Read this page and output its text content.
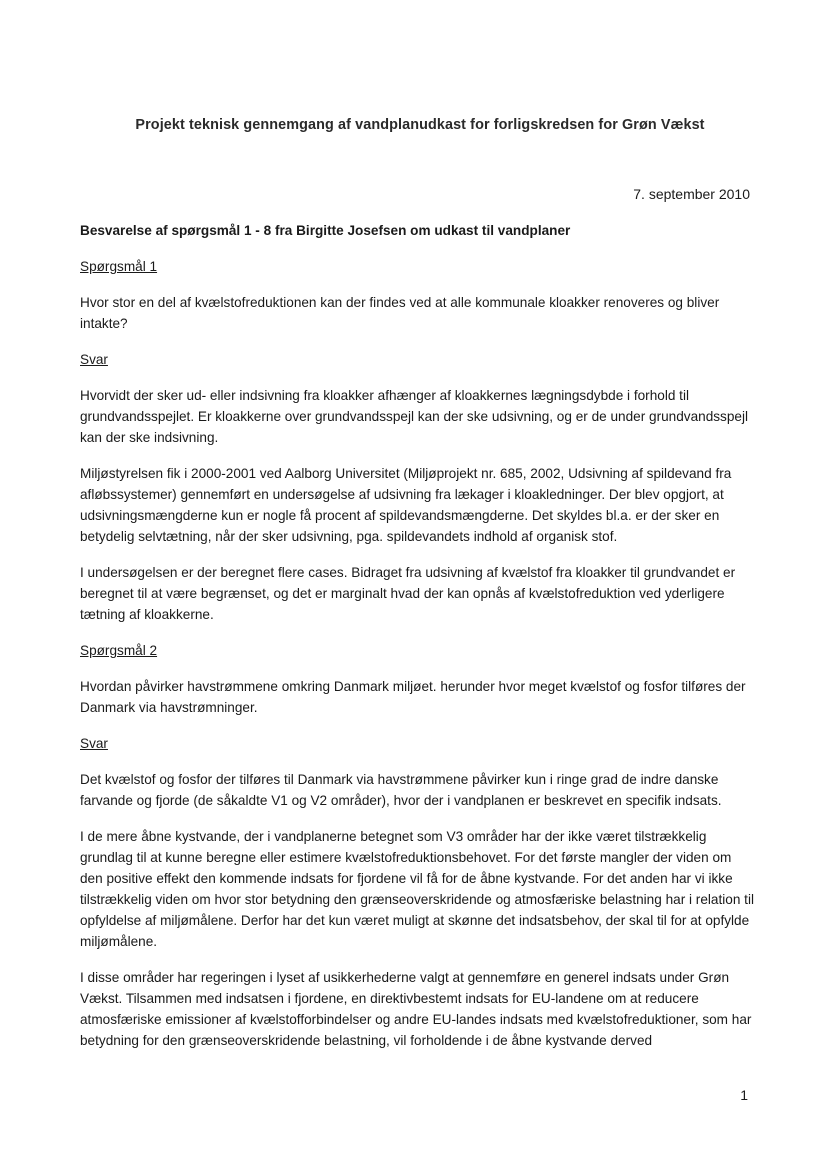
Projekt teknisk gennemgang af vandplanudkast for forligskredsen for Grøn Vækst
7. september 2010

Besvarelse af spørgsmål 1 - 8 fra Birgitte Josefsen om udkast til vandplaner

Spørgsmål 1

Hvor stor en del af kvælstofreduktionen kan der findes ved at alle kommunale kloakker renoveres og bliver intakte?

Svar

Hvorvidt der sker ud- eller indsivning fra kloakker afhænger af kloakkernes lægningsdybde i forhold til grundvandsspejlet. Er kloakkerne over grundvandsspejl kan der ske udsivning, og er de under grundvandsspejl kan der ske indsivning.

Miljøstyrelsen fik i 2000-2001 ved Aalborg Universitet (Miljøprojekt nr. 685, 2002, Udsivning af spildevand fra afløbssystemer) gennemført en undersøgelse af udsivning fra lækager i kloakledninger. Der blev opgjort, at udsivningsmængderne kun er nogle få procent af spildevandsmængderne. Det skyldes bl.a. er der sker en betydelig selvtætning, når der sker udsivning, pga. spildevandets indhold af organisk stof.

I undersøgelsen er der beregnet flere cases. Bidraget fra udsivning af kvælstof fra kloakker til grundvandet er beregnet til at være begrænset, og det er marginalt hvad der kan opnås af kvælstofreduktion ved yderligere tætning af kloakkerne.

Spørgsmål 2

Hvordan påvirker havstrømmene omkring Danmark miljøet. herunder hvor meget kvælstof og fosfor tilføres der Danmark via havstrømninger.

Svar

Det kvælstof og fosfor der tilføres til Danmark via havstrømmene påvirker kun i ringe grad de indre danske farvande og fjorde (de såkaldte V1 og V2 områder), hvor der i vandplanen er beskrevet en specifik indsats.

I de mere åbne kystvande, der i vandplanerne betegnet som V3 områder har der ikke været tilstrækkelig grundlag til at kunne beregne eller estimere kvælstofreduktionsbehovet. For det første mangler der viden om den positive effekt den kommende indsats for fjordene vil få for de åbne kystvande. For det anden har vi ikke tilstrækkelig viden om hvor stor betydning den grænseoverskridende og atmosfæriske belastning har i relation til opfyldelse af miljømålene. Derfor har det kun været muligt at skønne det indsatsbehov, der skal til for at opfylde miljømålene.

I disse områder har regeringen i lyset af usikkerhederne valgt at gennemføre en generel indsats under Grøn Vækst. Tilsammen med indsatsen i fjordene, en direktivbestemt indsats for EU-landene om at reducere atmosfæriske emissioner af kvælstofforbindelser og andre EU-landes indsats med kvælstofreduktioner, som har betydning for den grænseoverskridende belastning, vil forholdende i de åbne kystvande derved

1
